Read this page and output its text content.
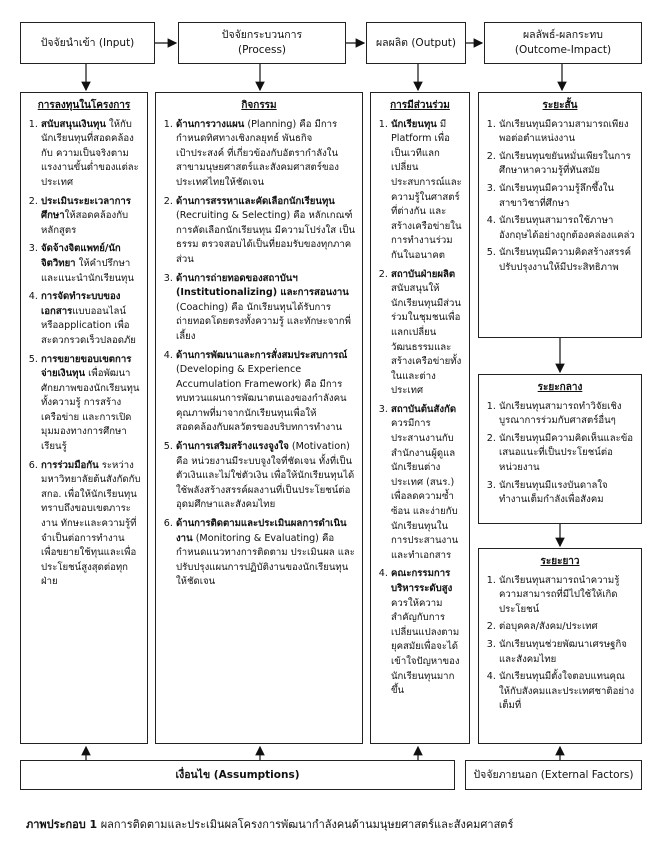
ปัจจัยนำเข้า (Input)
ปัจจัยกระบวนการ
(Process)
ผลผลิต (Output)
ผลลัพธ์-ผลกระทบ
(Outcome-Impact)
การลงทุนในโครงการ
1. สนับสนุนเงินทุน ให้กับนักเรียนทุนที่สอดคล้องกับ ความเป็นจริงตามแรงงานขั้นต่ำของแต่ละประเทศ
2. ประเมินระยะเวลาการศึกษาให้สอดคล้องกับหลักสูตร
3. จัดจ้างจิตแพทย์/นักจิตวิทยา ให้คำปรึกษาและแนะนำนักเรียนทุน
4. การจัดทำระบบของเอกสารแบบออนไลน์หรือapplication เพื่อสะดวกรวดเร็วปลอดภัย
5. การขยายขอบเขตการจ่ายเงินทุน เพื่อพัฒนาศักยภาพของนักเรียนทุนทั้งความรู้ การสร้างเครือข่าย และการเปิดมุมมองทางการศึกษาเรียนรู้
6. การร่วมมือกัน ระหว่างมหาวิทยาลัยต้นสังกัดกับ สกอ. เพื่อให้นักเรียนทุนทราบถึงขอบเขตภาระงาน ทักษะและความรู้ที่จำเป็นต่อการทำงาน เพื่อขยายใช้ทุนและเพื่อประโยชน์สูงสุดต่อทุกฝ่าย
กิจกรรม
1. ด้านการวางแผน (Planning) คือ มีการกำหนดทิศทางเชิงกลยุทธ์ พันธกิจ เป้าประสงค์ ที่เกี่ยวข้องกับอัตรากำลังในสาขามนุษยศาสตร์และสังคมศาสตร์ของประเทศไทยให้ชัดเจน
2. ด้านการสรรหาและคัดเลือกนักเรียนทุน (Recruiting & Selecting) คือ หลักเกณฑ์การคัดเลือกนักเรียนทุน มีความโปร่งใส เป็นธรรม ตรวจสอบได้เป็นที่ยอมรับของทุกภาคส่วน
3. ด้านการถ่ายทอดของสถาบันฯ (Institutionalizing) และการสอนงาน (Coaching) คือ นักเรียนทุนได้รับการถ่ายทอดโดยตรงทั้งความรู้ และทักษะจากพี่เลี้ยง
4. ด้านการพัฒนาและการสั่งสมประสบการณ์ (Developing & Experience Accumulation Framework) คือ มีการทบทวนแผนการพัฒนาตนเองของกำลังคนคุณภาพที่มาจากนักเรียนทุนเพื่อให้สอดคล้องกับผลวัตรของบริบทการทำงาน
5. ด้านการเสริมสร้างแรงจูงใจ (Motivation) คือ หน่วยงานมีระบบจูงใจที่ชัดเจน ทั้งที่เป็นตัวเงินและไม่ใช่ตัวเงิน เพื่อให้นักเรียนทุนได้ใช้พลังสร้างสรรค์ผลงานที่เป็นประโยชน์ต่ออุดมศึกษาและสังคมไทย
6. ด้านการติดตามและประเมินผลการดำเนินงาน (Monitoring & Evaluating) คือ กำหนดแนวทางการติดตาม ประเมินผล และปรับปรุงแผนการปฏิบัติงานของนักเรียนทุนให้ชัดเจน
การมีส่วนร่วม
1. นักเรียนทุน มี Platform เพื่อเป็นเวทีแลกเปลี่ยนประสบการณ์และความรู้ในศาสตร์ที่ต่างกัน และสร้างเครือข่ายในการทำงานร่วมกันในอนาคต
2. สถาบันฝ่ายผลิต สนับสนุนให้นักเรียนทุนมีส่วนร่วมในชุมชนเพื่อแลกเปลี่ยนวัฒนธรรมและสร้างเครือข่ายทั้งในและต่างประเทศ
3. สถาบันต้นสังกัด ควรมีการประสานงานกับสำนักงานผู้ดูแลนักเรียนต่างประเทศ (สนร.) เพื่อลดความซ้ำซ้อน และง่ายกับนักเรียนทุนในการประสานงานและทำเอกสาร
4. คณะกรรมการบริหารระดับสูง ควรให้ความสำคัญกับการเปลี่ยนแปลงตามยุคสมัยเพื่อจะได้เข้าใจปัญหาของนักเรียนทุนมากขึ้น
ระยะสั้น
1. นักเรียนทุนมีความสามารถเพียงพอต่อตำแหน่งงาน
2. นักเรียนทุนขยันหมั่นเพียรในการศึกษาหาความรู้ที่ทันสมัย
3. นักเรียนทุนมีความรู้ลึกซึ้งในสาขาวิชาที่ศึกษา
4. นักเรียนทุนสามารถใช้ภาษาอังกฤษได้อย่างถูกต้องคล่องแคล่ว
5. นักเรียนทุนมีความคิดสร้างสรรค์ปรับปรุงงานให้มีประสิทธิภาพ
ระยะกลาง
1. นักเรียนทุนสามารถทำวิจัยเชิงบูรณาการร่วมกับศาสตร์อื่นๆ
2. นักเรียนทุนมีความคิดเห็นและข้อ เสนอแนะที่เป็นประโยชน์ต่อหน่วยงาน
3. นักเรียนทุนมีแรงบันดาลใจทำงานเต็มกำลังเพื่อสังคม
ระยะยาว
1. นักเรียนทุนสามารถนำความรู้ความสามารถที่มีไปใช้ให้เกิดประโยชน์
2. ต่อบุคคล/สังคม/ประเทศ
3. นักเรียนทุนช่วยพัฒนาเศรษฐกิจและสังคมไทย
4. นักเรียนทุนมีตั้งใจตอบแทนคุณให้กับสังคมและประเทศชาติอย่างเต็มที่
เงื่อนไข (Assumptions)	ปัจจัยภายนอก (External Factors)
ภาพประกอบ 1 ผลการติดตามและประเมินผลโครงการพัฒนากำลังคนด้านมนุษยศาสตร์และสังคมศาสตร์
